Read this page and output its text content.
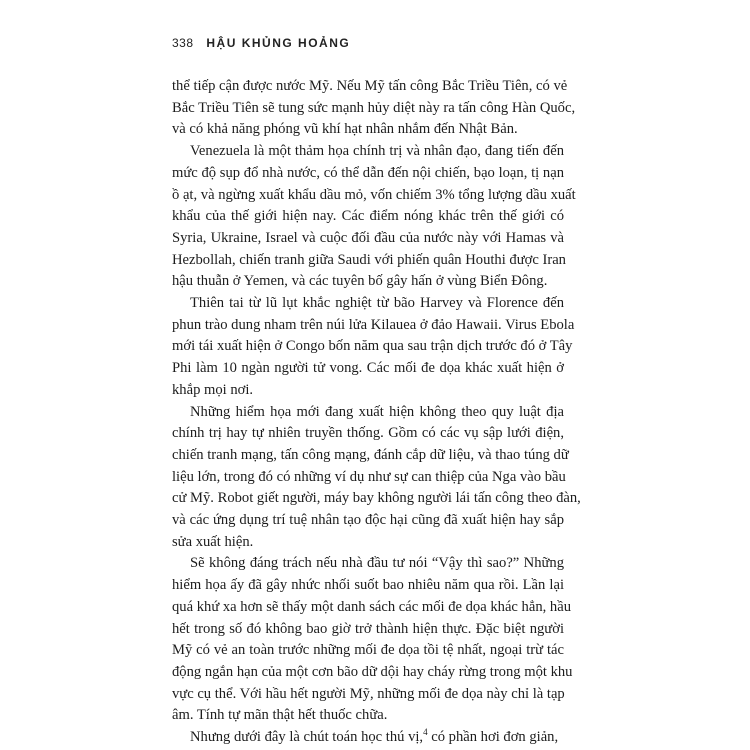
338 HẬU KHỦNG HOẢNG

thể tiếp cận được nước Mỹ. Nếu Mỹ tấn công Bắc Triều Tiên, có vẻ
Bắc Triều Tiên sẽ tung sức mạnh hủy diệt này ra tấn công Hàn Quốc,
và có khả năng phóng vũ khí hạt nhân nhắm đến Nhật Bản.

Venezuela là một thảm họa chính trị và nhân đạo, đang tiến đến
mức độ sụp đổ nhà nước, có thể dẫn đến nội chiến, bạo loạn, tị nạn
ồ ạt, và ngừng xuất khẩu dầu mỏ, vốn chiếm 3% tổng lượng dầu xuất
khẩu của thế giới hiện nay. Các điểm nóng khác trên thế giới có
Syria, Ukraine, Israel và cuộc đối đầu của nước này với Hamas và
Hezbollah, chiến tranh giữa Saudi với phiến quân Houthi được Iran
hậu thuẫn ở Yemen, và các tuyên bố gây hấn ở vùng Biển Đông.

Thiên tai từ lũ lụt khắc nghiệt từ bão Harvey và Florence đến
phun trào dung nham trên núi lửa Kilauea ở đảo Hawaii. Virus Ebola
mới tái xuất hiện ở Congo bốn năm qua sau trận dịch trước đó ở Tây
Phi làm 10 ngàn người tử vong. Các mối đe dọa khác xuất hiện ở
khắp mọi nơi.

Những hiểm họa mới đang xuất hiện không theo quy luật địa
chính trị hay tự nhiên truyền thống. Gồm có các vụ sập lưới điện,
chiến tranh mạng, tấn công mạng, đánh cắp dữ liệu, và thao túng dữ
liệu lớn, trong đó có những ví dụ như sự can thiệp của Nga vào bầu
cử Mỹ. Robot giết người, máy bay không người lái tấn công theo đàn,
và các ứng dụng trí tuệ nhân tạo độc hại cũng đã xuất hiện hay sắp
sửa xuất hiện.

Sẽ không đáng trách nếu nhà đầu tư nói “Vậy thì sao?” Những
hiểm họa ấy đã gây nhức nhối suốt bao nhiêu năm qua rồi. Lần lại
quá khứ xa hơn sẽ thấy một danh sách các mối đe dọa khác hẳn, hầu
hết trong số đó không bao giờ trở thành hiện thực. Đặc biệt người
Mỹ có vẻ an toàn trước những mối đe dọa tồi tệ nhất, ngoại trừ tác
động ngắn hạn của một cơn bão dữ dội hay cháy rừng trong một khu
vực cụ thể. Với hầu hết người Mỹ, những mối đe dọa này chỉ là tạp
âm. Tính tự mãn thật hết thuốc chữa.

Nhưng dưới đây là chút toán học thú vị,$^4$ có phần hơi đơn giản,
